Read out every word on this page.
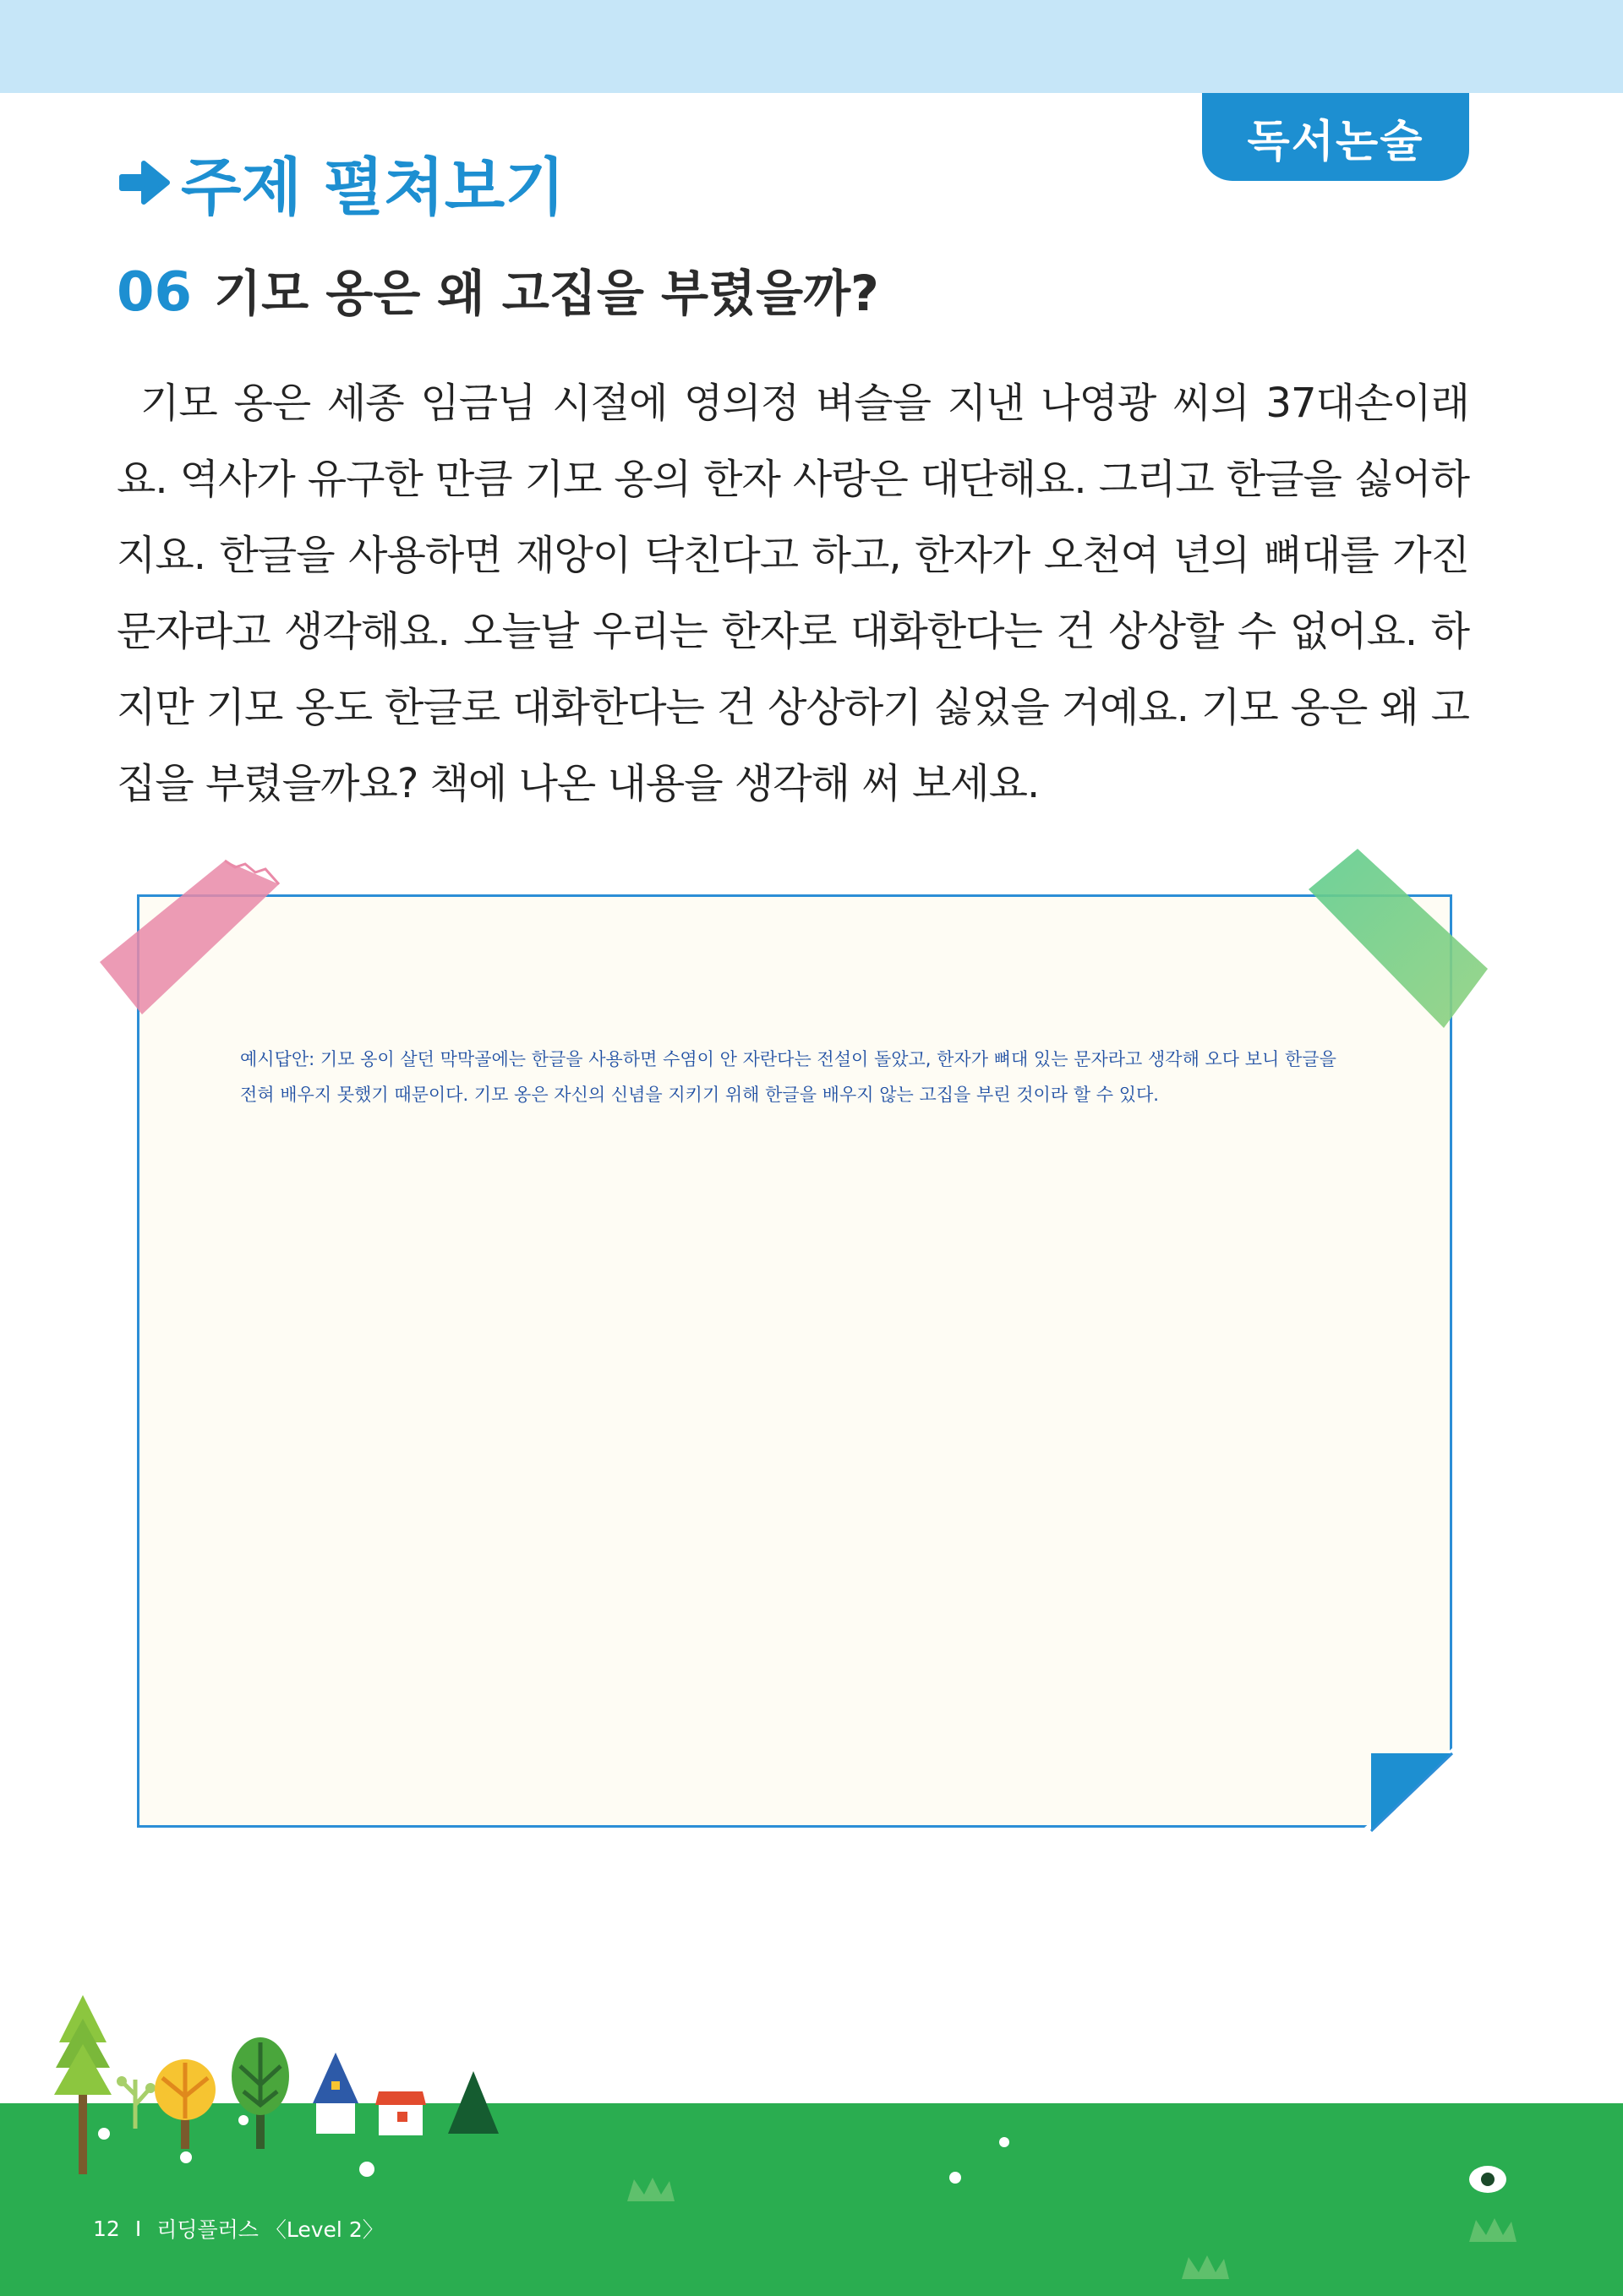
독서논술
주제 펼쳐보기
06 기모 옹은 왜 고집을 부렸을까?
기모 옹은 세종 임금님 시절에 영의정 벼슬을 지낸 나영광 씨의 37대손이래요. 역사가 유구한 만큼 기모 옹의 한자 사랑은 대단해요. 그리고 한글을 싫어하지요. 한글을 사용하면 재앙이 닥친다고 하고, 한자가 오천여 년의 뼈대를 가진 문자라고 생각해요. 오늘날 우리는 한자로 대화한다는 건 상상할 수 없어요. 하지만 기모 옹도 한글로 대화한다는 건 상상하기 싫었을 거예요. 기모 옹은 왜 고집을 부렸을까요? 책에 나온 내용을 생각해 써 보세요.
예시답안: 기모 옹이 살던 막막골에는 한글을 사용하면 수염이 안 자란다는 전설이 돌았고, 한자가 뼈대 있는 문자라고 생각해 오다 보니 한글을 전혀 배우지 못했기 때문이다. 기모 옹은 자신의 신념을 지키기 위해 한글을 배우지 않는 고집을 부린 것이라 할 수 있다.
12 I 리딩플러스 〈Level 2〉
